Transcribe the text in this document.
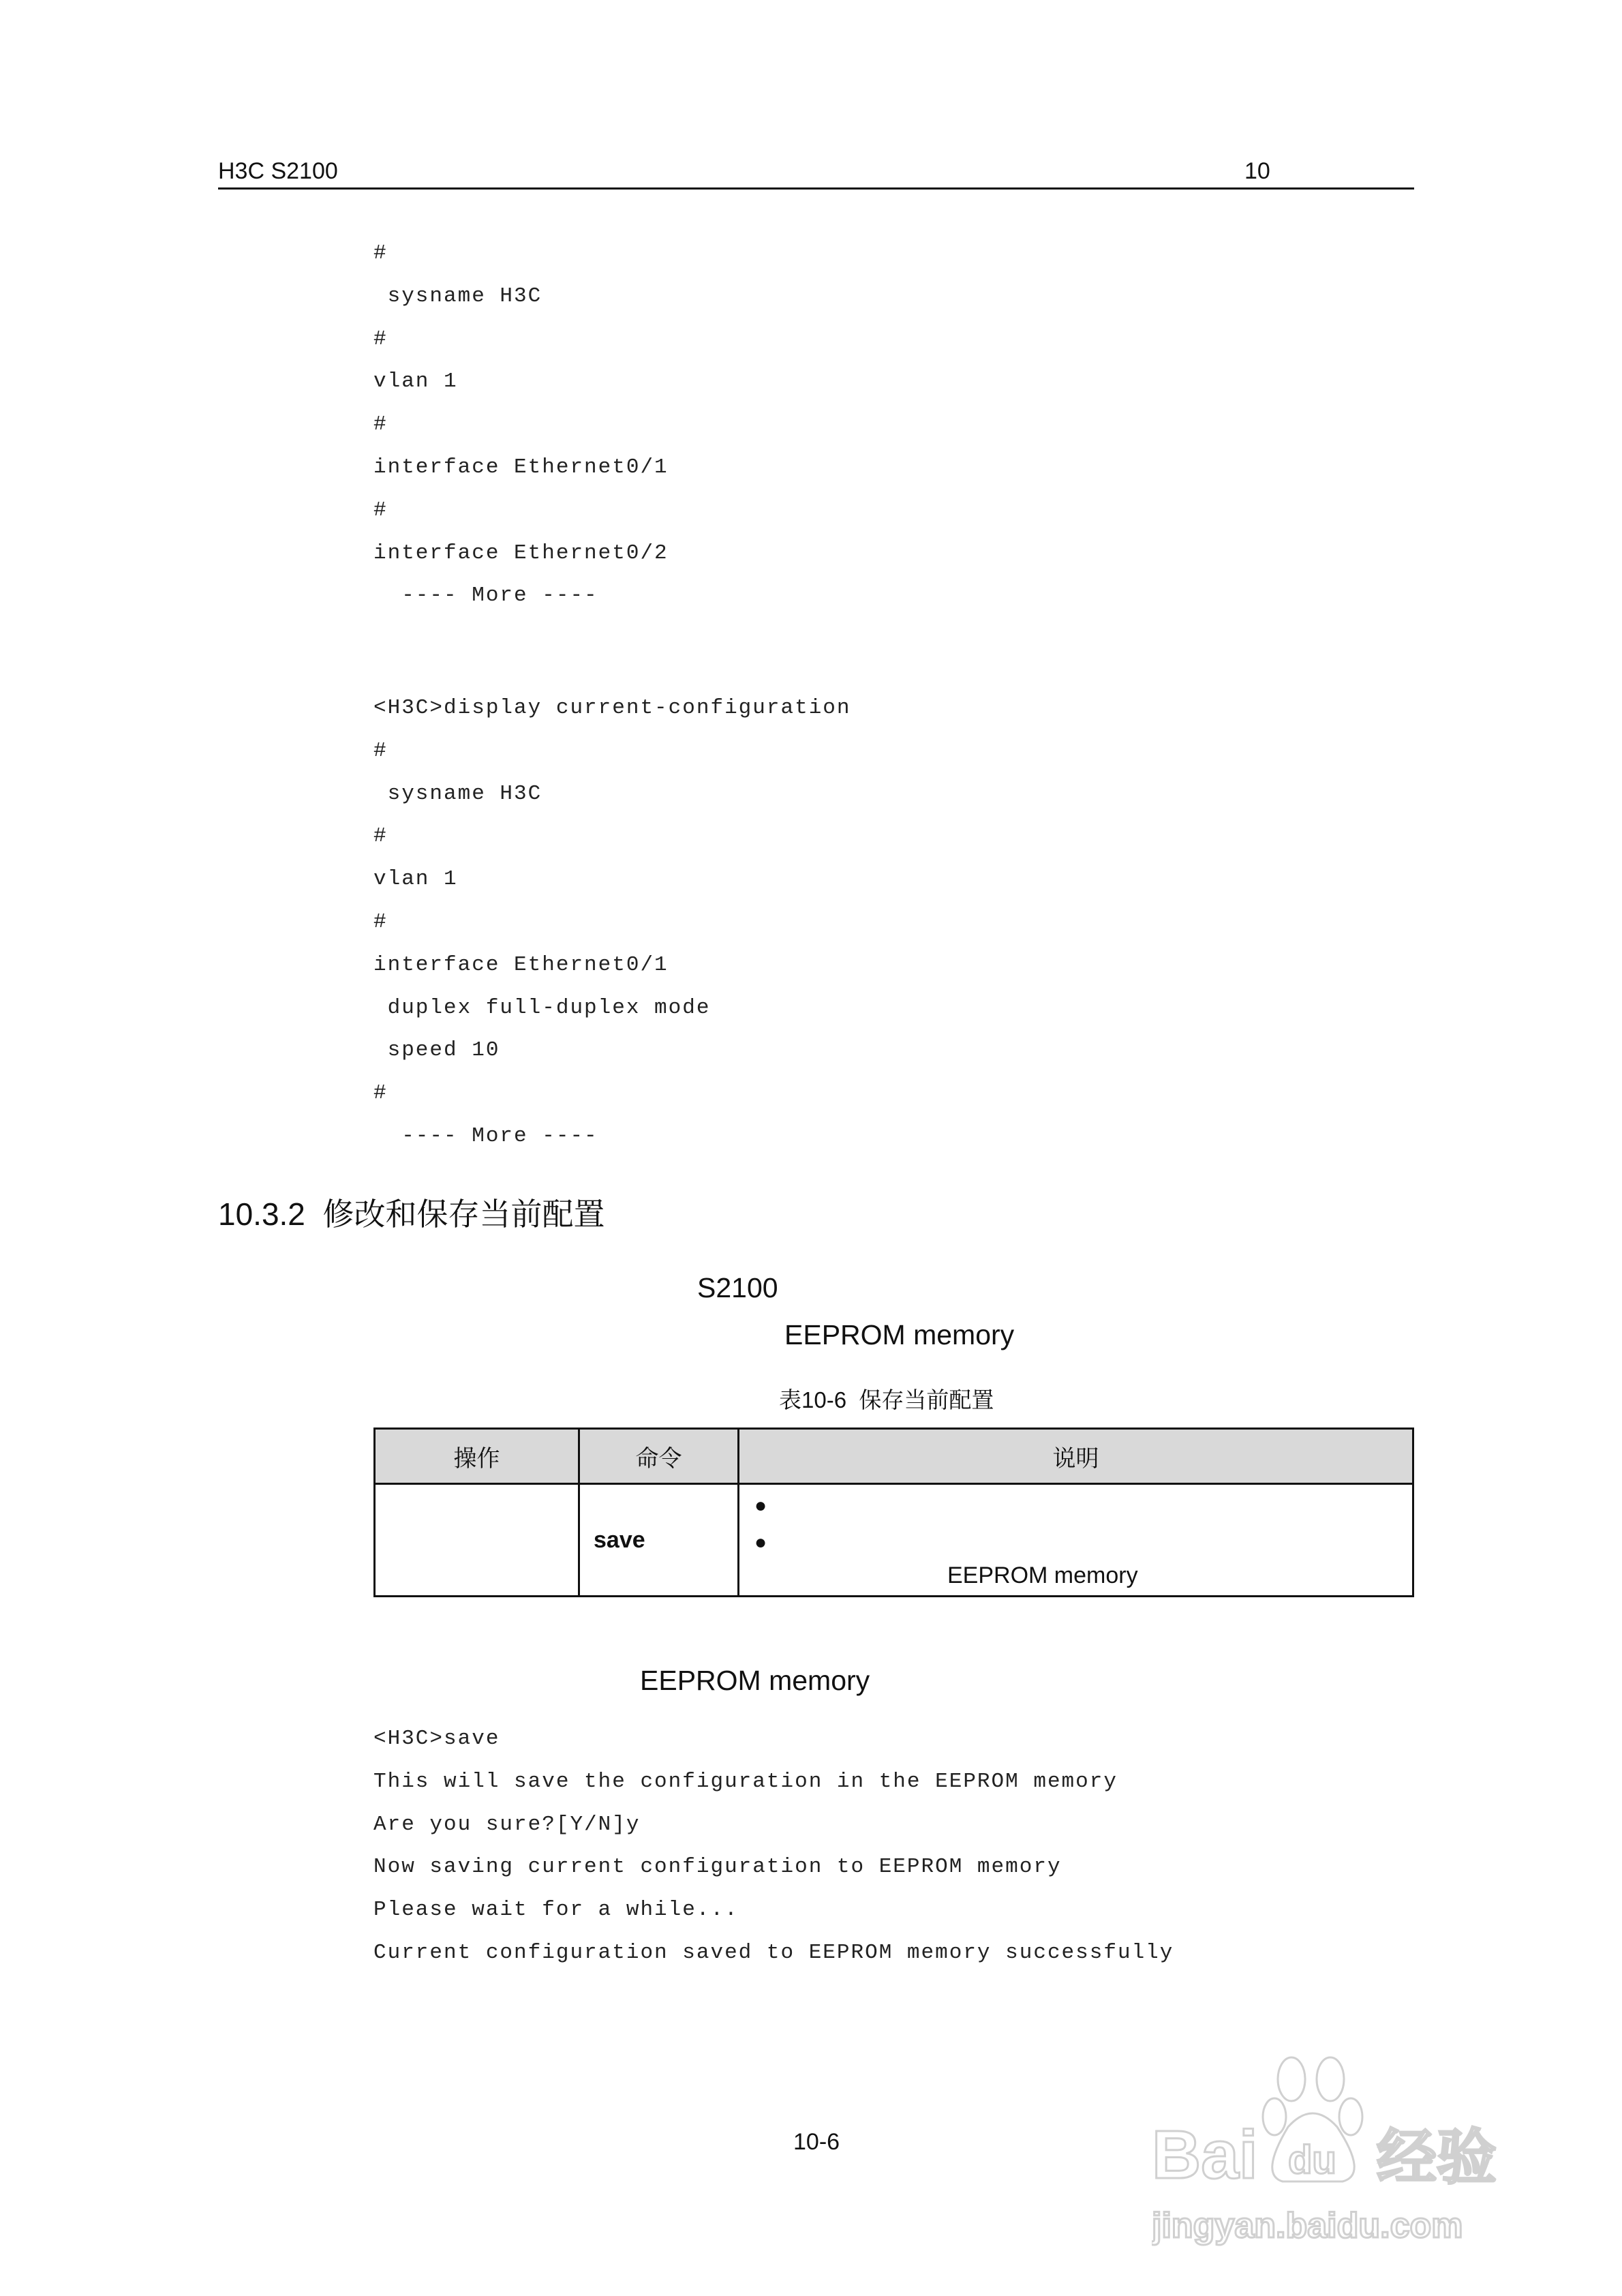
H3C S2100	10
#
sysname H3C
#
vlan 1
#
interface Ethernet0/1
#
interface Ethernet0/2
---- More ----
<H3C>display current-configuration
#
sysname H3C
#
vlan 1
#
interface Ethernet0/1
duplex full-duplex mode
speed 10
#
---- More ----
10.3.2  修改和保存当前配置
S2100
EEPROM memory
表10-6  保存当前配置
操作	命令	说明
	save	●
●
EEPROM memory
EEPROM memory
<H3C>save
This will save the configuration in the EEPROM memory
Are you sure?[Y/N]y
Now saving current configuration to EEPROM memory
Please wait for a while...
Current configuration saved to EEPROM memory successfully
10-6	Bai du 经验
jingyan.baidu.com
